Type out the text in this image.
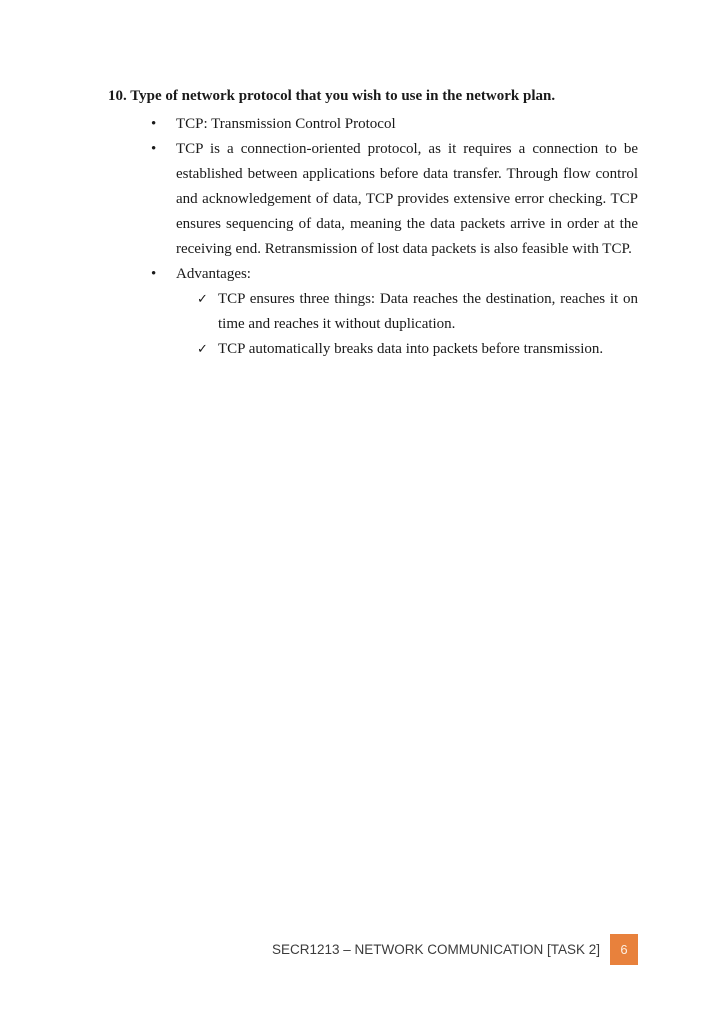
10. Type of network protocol that you wish to use in the network plan.
• TCP: Transmission Control Protocol
• TCP is a connection-oriented protocol, as it requires a connection to be established between applications before data transfer. Through flow control and acknowledgement of data, TCP provides extensive error checking. TCP ensures sequencing of data, meaning the data packets arrive in order at the receiving end. Retransmission of lost data packets is also feasible with TCP.
• Advantages:
✓ TCP ensures three things: Data reaches the destination, reaches it on time and reaches it without duplication.
✓ TCP automatically breaks data into packets before transmission.
SECR1213 – NETWORK COMMUNICATION [TASK 2] 6
